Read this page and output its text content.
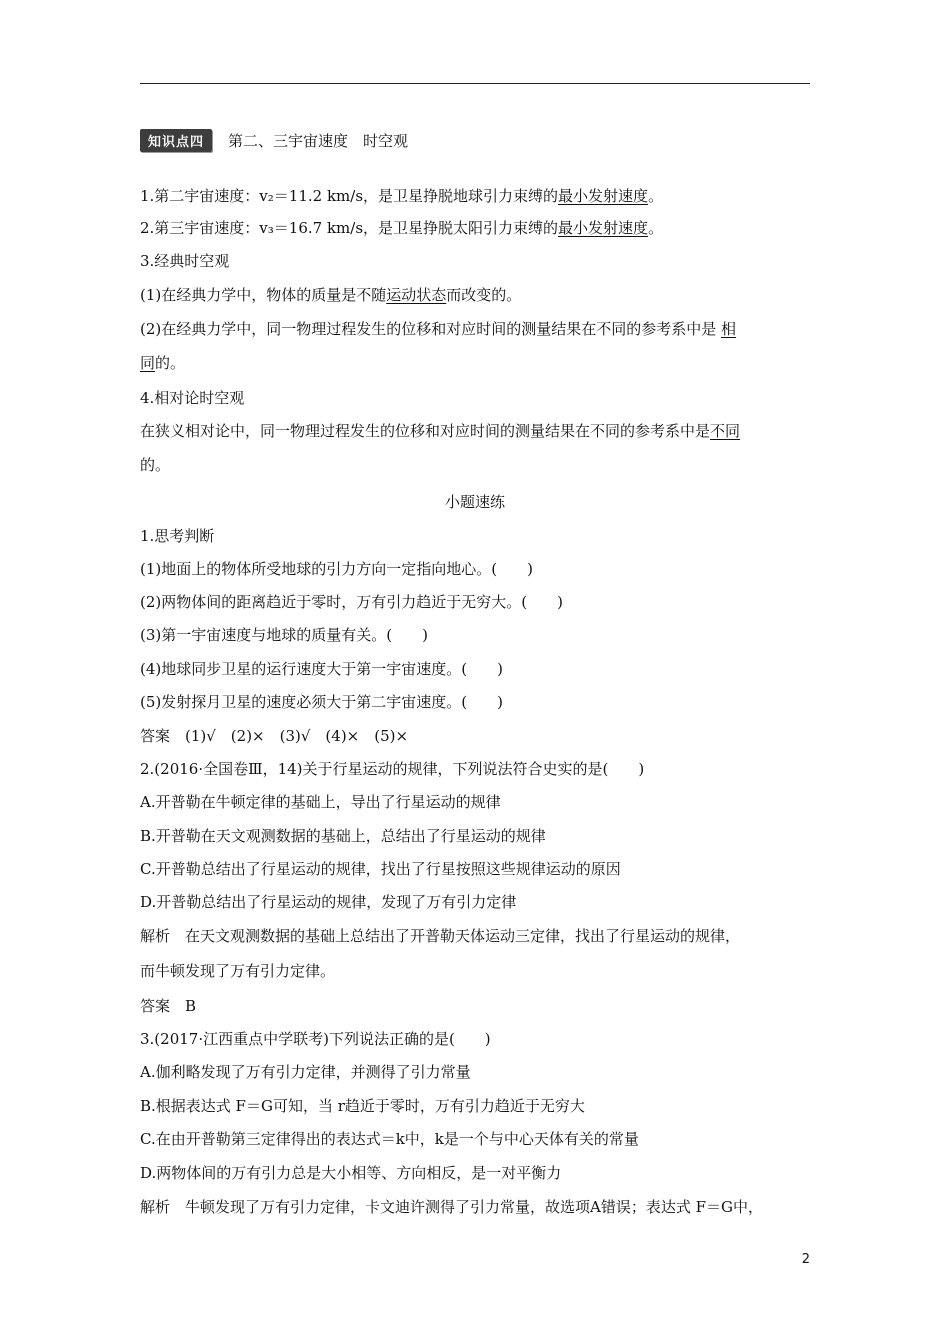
知识点四	第二、三宇宙速度　时空观
1.第二宇宙速度：v₂＝11.2 km/s，是卫星挣脱地球引力束缚的最小发射速度。
2.第三宇宙速度：v₃＝16.7 km/s，是卫星挣脱太阳引力束缚的最小发射速度。
3.经典时空观
(1)在经典力学中，物体的质量是不随运动状态而改变的。
(2)在经典力学中，同一物理过程发生的位移和对应时间的测量结果在不同的参考系中是 相
同的。
4.相对论时空观
在狭义相对论中，同一物理过程发生的位移和对应时间的测量结果在不同的参考系中是不同
的。
小题速练
1.思考判断
(1)地面上的物体所受地球的引力方向一定指向地心。(　　)
(2)两物体间的距离趋近于零时，万有引力趋近于无穷大。(　　)
(3)第一宇宙速度与地球的质量有关。(　　)
(4)地球同步卫星的运行速度大于第一宇宙速度。(　　)
(5)发射探月卫星的速度必须大于第二宇宙速度。(　　)
答案　(1)√　(2)×　(3)√　(4)×　(5)×
2.(2016·全国卷Ⅲ，14)关于行星运动的规律，下列说法符合史实的是(　　)
A.开普勒在牛顿定律的基础上，导出了行星运动的规律
B.开普勒在天文观测数据的基础上，总结出了行星运动的规律
C.开普勒总结出了行星运动的规律，找出了行星按照这些规律运动的原因
D.开普勒总结出了行星运动的规律，发现了万有引力定律
解析　在天文观测数据的基础上总结出了开普勒天体运动三定律，找出了行星运动的规律，
而牛顿发现了万有引力定律。
答案　B
3.(2017·江西重点中学联考)下列说法正确的是(　　)
A.伽利略发现了万有引力定律，并测得了引力常量
B.根据表达式 F＝G可知，当 r趋近于零时，万有引力趋近于无穷大
C.在由开普勒第三定律得出的表达式＝k中，k是一个与中心天体有关的常量
D.两物体间的万有引力总是大小相等、方向相反，是一对平衡力
解析　牛顿发现了万有引力定律，卡文迪许测得了引力常量，故选项A错误；表达式 F＝G中，
2
